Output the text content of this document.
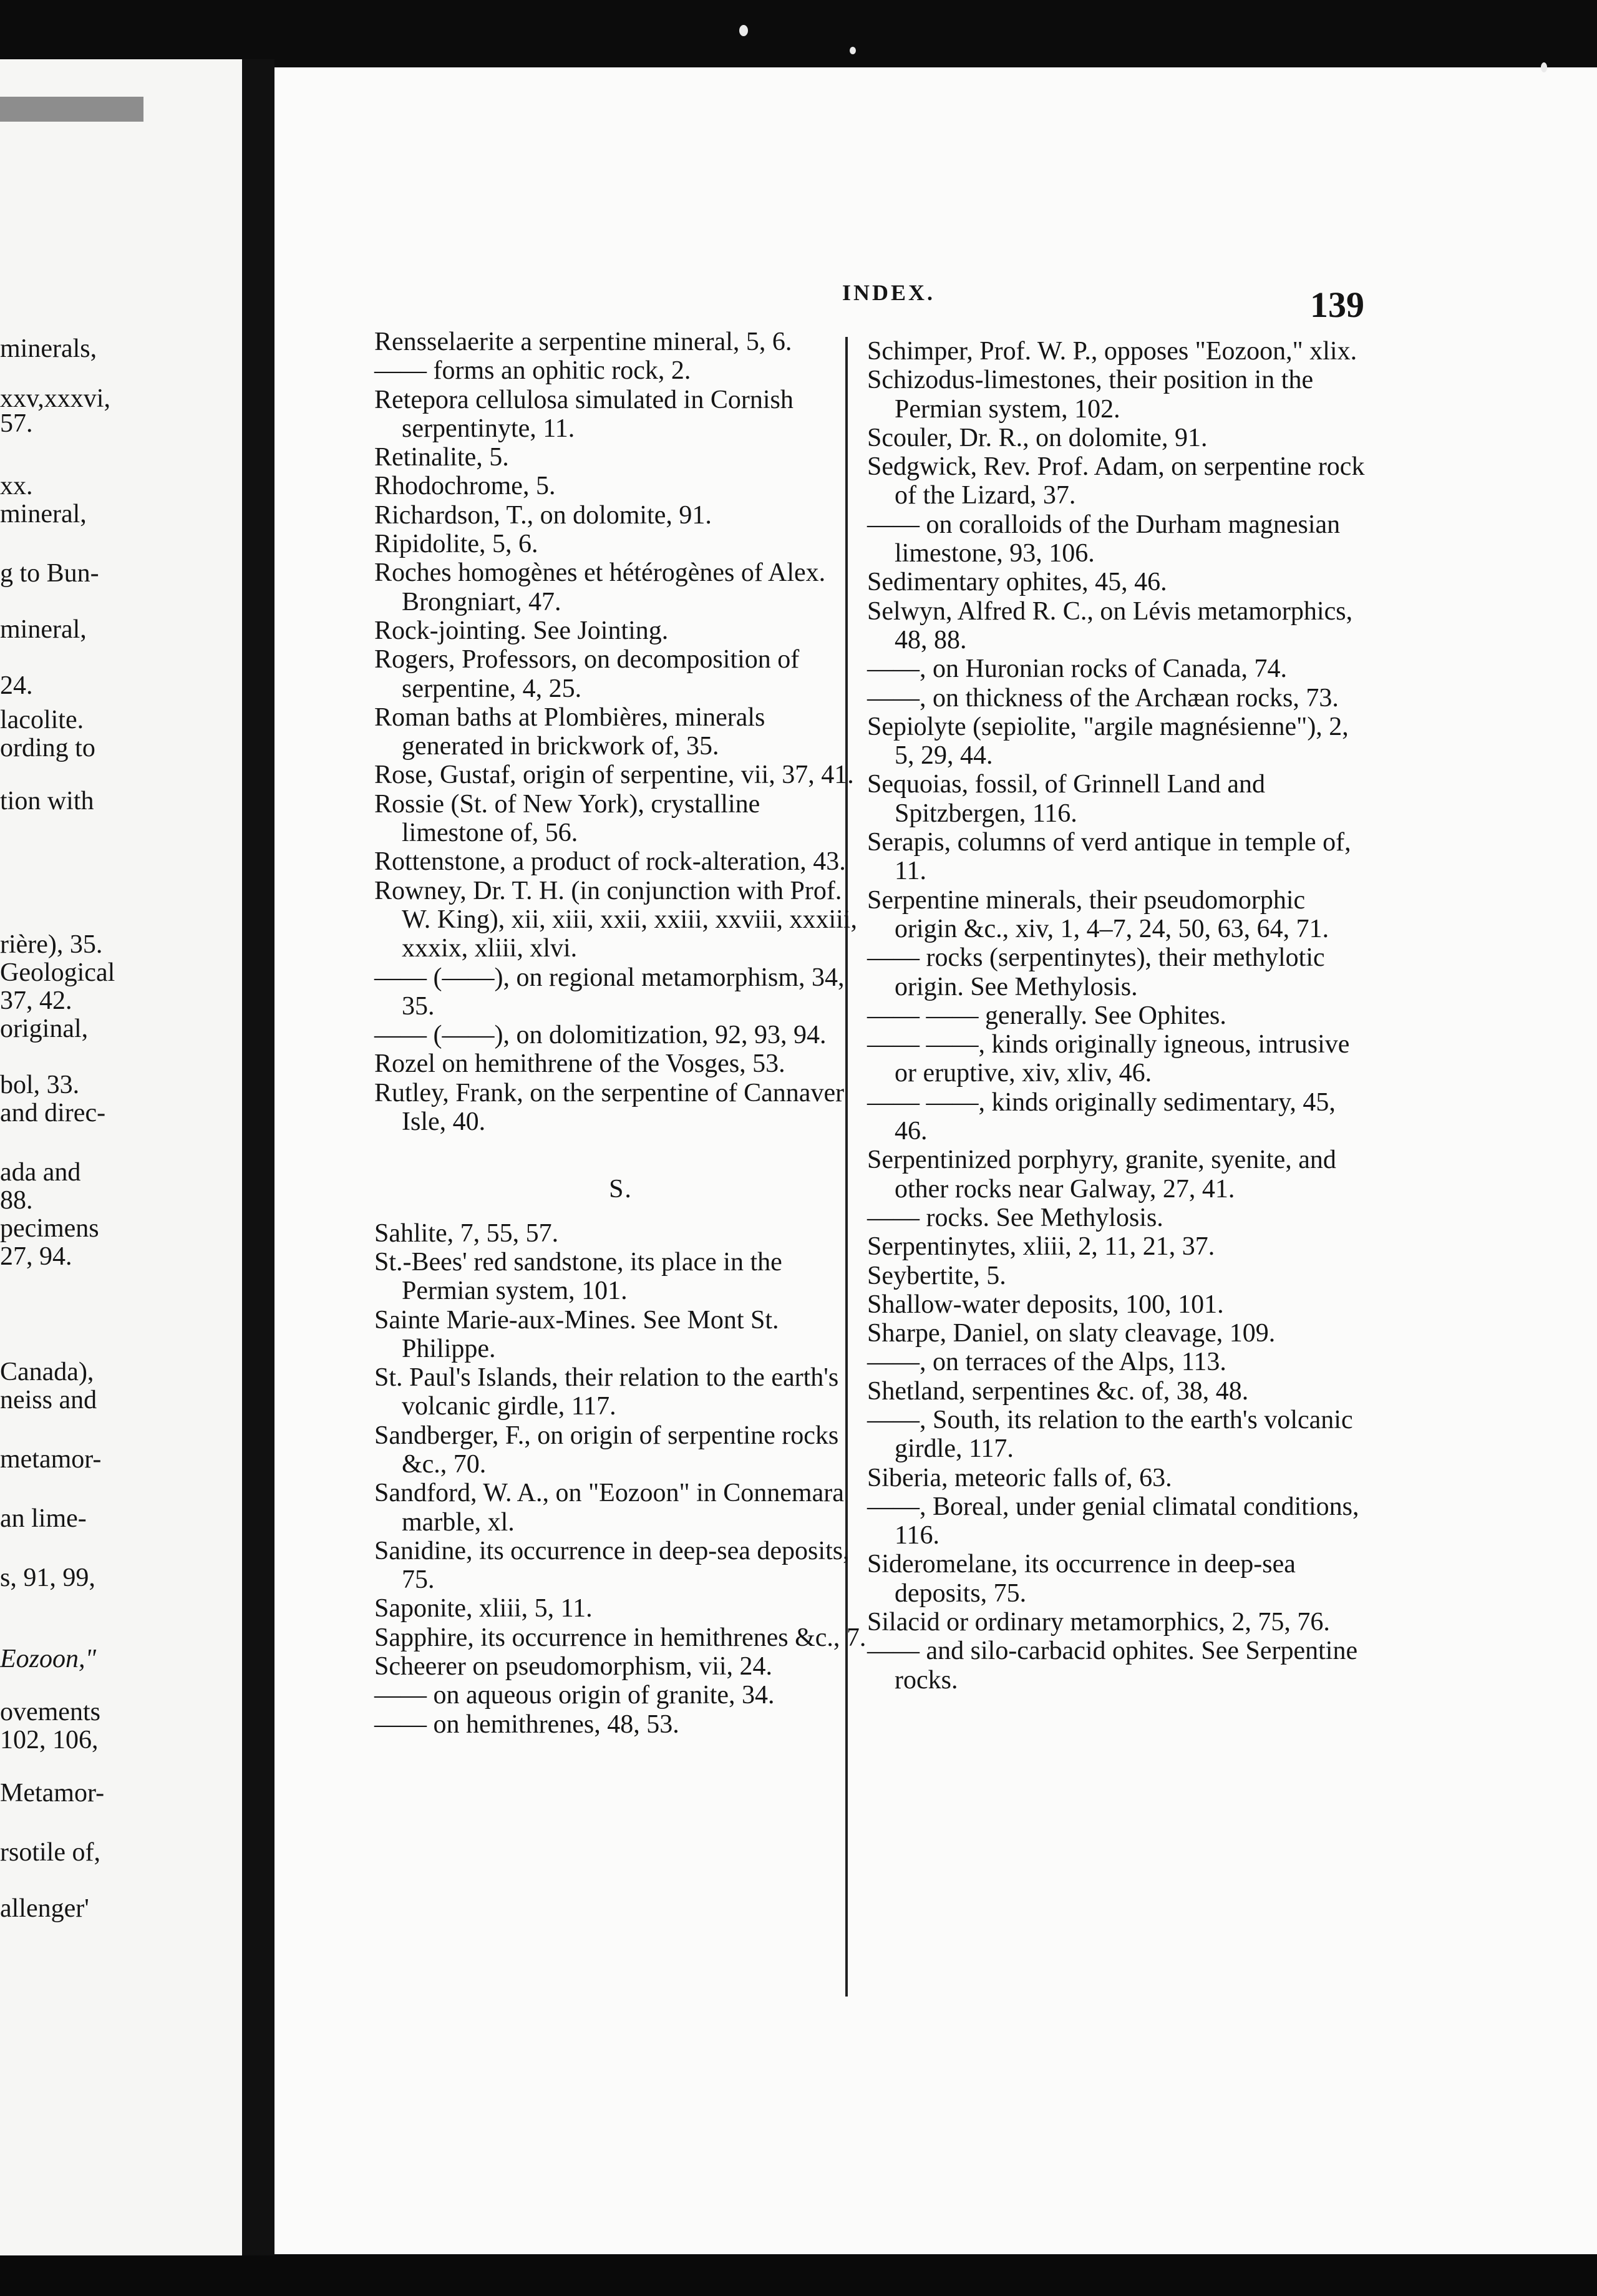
minerals,
xxv,xxxvi,
57.
xx.
mineral,
g to Bun-
mineral,
24.
lacolite.
ording to
tion with
rière), 35.
Geological
37, 42.
original,
bol, 33.
and direc-
ada and
88.
pecimens
27, 94.
Canada),
neiss and
metamor-
an lime-
s, 91, 99,
Eozoon,"
ovements
102, 106,
Metamor-
rsotile of,
allenger'
INDEX.	139

Rensselaerite a serpentine mineral, 5, 6.

—— forms an ophitic rock, 2.

Retepora cellulosa simulated in Cornish serpentinyte, 11.

Retinalite, 5.

Rhodochrome, 5.

Richardson, T., on dolomite, 91.

Ripidolite, 5, 6.

Roches homogènes et hétérogènes of Alex. Brongniart, 47.

Rock-jointing. See Jointing.

Rogers, Professors, on decomposition of serpentine, 4, 25.

Roman baths at Plombières, minerals generated in brickwork of, 35.

Rose, Gustaf, origin of serpentine, vii, 37, 41.

Rossie (St. of New York), crystalline limestone of, 56.

Rottenstone, a product of rock-alteration, 43.

Rowney, Dr. T. H. (in conjunction with Prof. W. King), xii, xiii, xxii, xxiii, xxviii, xxxiii, xxxix, xliii, xlvi.

—— (——), on regional metamorphism, 34, 35.

—— (——), on dolomitization, 92, 93, 94.

Rozel on hemithrene of the Vosges, 53.

Rutley, Frank, on the serpentine of Cannaver Isle, 40.

S.

Sahlite, 7, 55, 57.

St.-Bees' red sandstone, its place in the Permian system, 101.

Sainte Marie-aux-Mines. See Mont St. Philippe.

St. Paul's Islands, their relation to the earth's volcanic girdle, 117.

Sandberger, F., on origin of serpentine rocks &c., 70.

Sandford, W. A., on "Eozoon" in Connemara marble, xl.

Sanidine, its occurrence in deep-sea deposits, 75.

Saponite, xliii, 5, 11.

Sapphire, its occurrence in hemithrenes &c., 7.

Scheerer on pseudomorphism, vii, 24.

—— on aqueous origin of granite, 34.

—— on hemithrenes, 48, 53.

Schimper, Prof. W. P., opposes "Eozoon," xlix.

Schizodus-limestones, their position in the Permian system, 102.

Scouler, Dr. R., on dolomite, 91.

Sedgwick, Rev. Prof. Adam, on serpentine rock of the Lizard, 37.

—— on coralloids of the Durham magnesian limestone, 93, 106.

Sedimentary ophites, 45, 46.

Selwyn, Alfred R. C., on Lévis metamorphics, 48, 88.

——, on Huronian rocks of Canada, 74.

——, on thickness of the Archæan rocks, 73.

Sepiolyte (sepiolite, "argile magnésienne"), 2, 5, 29, 44.

Sequoias, fossil, of Grinnell Land and Spitzbergen, 116.

Serapis, columns of verd antique in temple of, 11.

Serpentine minerals, their pseudomorphic origin &c., xiv, 1, 4–7, 24, 50, 63, 64, 71.

—— rocks (serpentinytes), their methylotic origin. See Methylosis.

—— —— generally. See Ophites.

—— ——, kinds originally igneous, intrusive or eruptive, xiv, xliv, 46.

—— ——, kinds originally sedimentary, 45, 46.

Serpentinized porphyry, granite, syenite, and other rocks near Galway, 27, 41.

—— rocks. See Methylosis.

Serpentinytes, xliii, 2, 11, 21, 37.

Seybertite, 5.

Shallow-water deposits, 100, 101.

Sharpe, Daniel, on slaty cleavage, 109.

——, on terraces of the Alps, 113.

Shetland, serpentines &c. of, 38, 48.

——, South, its relation to the earth's volcanic girdle, 117.

Siberia, meteoric falls of, 63.

——, Boreal, under genial climatal conditions, 116.

Sideromelane, its occurrence in deep-sea deposits, 75.

Silacid or ordinary metamorphics, 2, 75, 76.

—— and silo-carbacid ophites. See Serpentine rocks.
